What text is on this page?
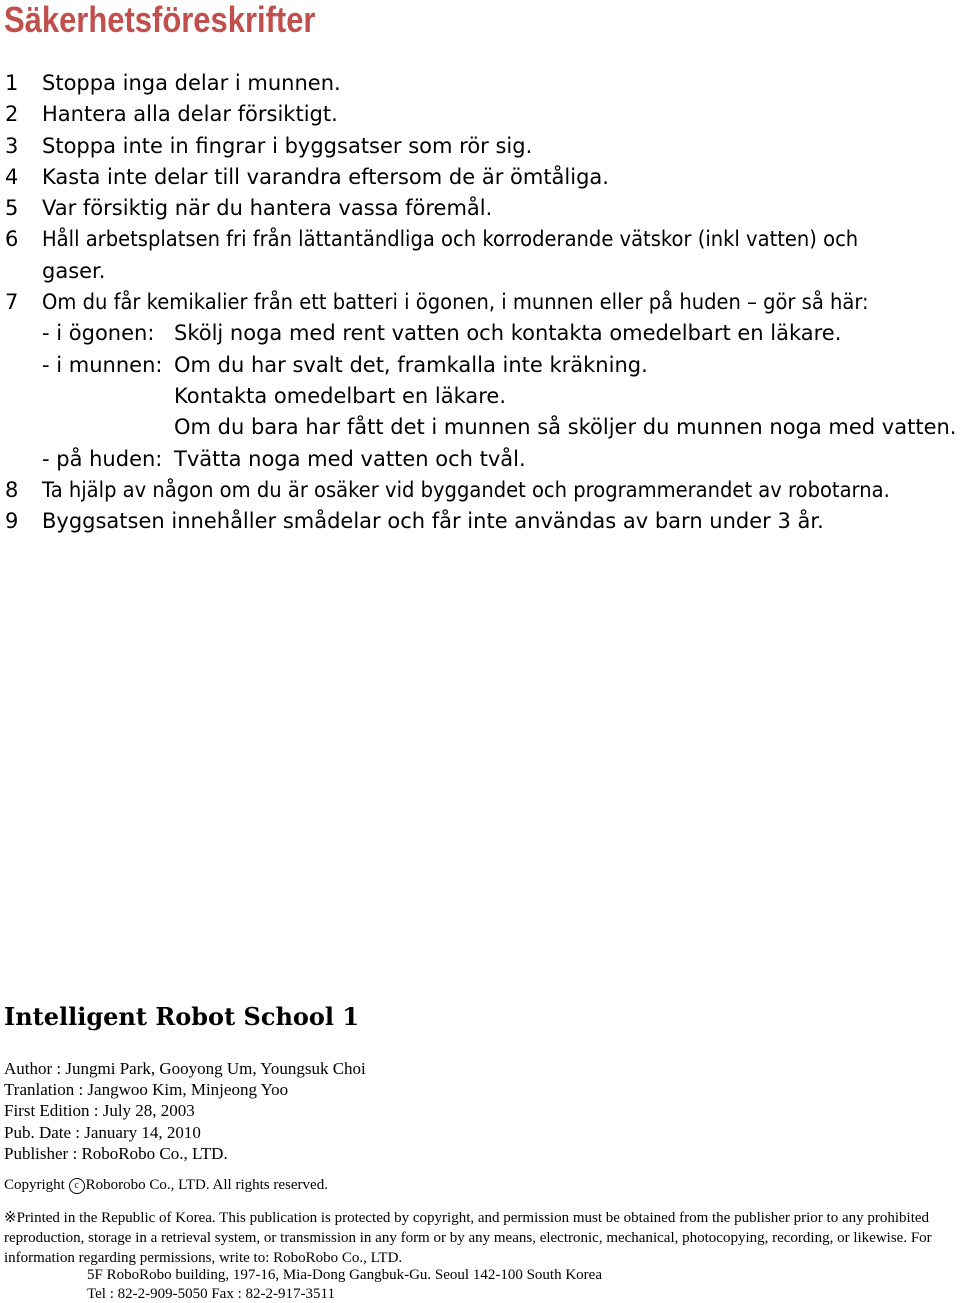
Säkerhetsföreskrifter
1 Stoppa inga delar i munnen.
2 Hantera alla delar försiktigt.
3 Stoppa inte in fingrar i byggsatser som rör sig.
4 Kasta inte delar till varandra eftersom de är ömtåliga.
5 Var försiktig när du hantera vassa föremål.
6 Håll arbetsplatsen fri från lättantändliga och korroderande vätskor (inkl vatten) och
gaser.
7 Om du får kemikalier från ett batteri i ögonen, i munnen eller på huden – gör så här:
- i ögonen: Skölj noga med rent vatten och kontakta omedelbart en läkare.
- i munnen: Om du har svalt det, framkalla inte kräkning.
Kontakta omedelbart en läkare.
Om du bara har fått det i munnen så sköljer du munnen noga med vatten.
- på huden: Tvätta noga med vatten och tvål.
8 Ta hjälp av någon om du är osäker vid byggandet och programmerandet av robotarna.
9 Byggsatsen innehåller smådelar och får inte användas av barn under 3 år.
Intelligent Robot School 1
Author : Jungmi Park, Gooyong Um, Youngsuk Choi
Tranlation : Jangwoo Kim, Minjeong Yoo
First Edition : July 28, 2003
Pub. Date : January 14, 2010
Publisher : RoboRobo Co., LTD.
Copyright c Roborobo Co., LTD. All rights reserved.
※Printed in the Republic of Korea. This publication is protected by copyright, and permission must be obtained from the publisher prior to any prohibited reproduction, storage in a retrieval system, or transmission in any form or by any means, electronic, mechanical, photocopying, recording, or likewise. For information regarding permissions, write to: RoboRobo Co., LTD.
5F RoboRobo building, 197-16, Mia-Dong Gangbuk-Gu. Seoul 142-100 South Korea
Tel : 82-2-909-5050 Fax : 82-2-917-3511
